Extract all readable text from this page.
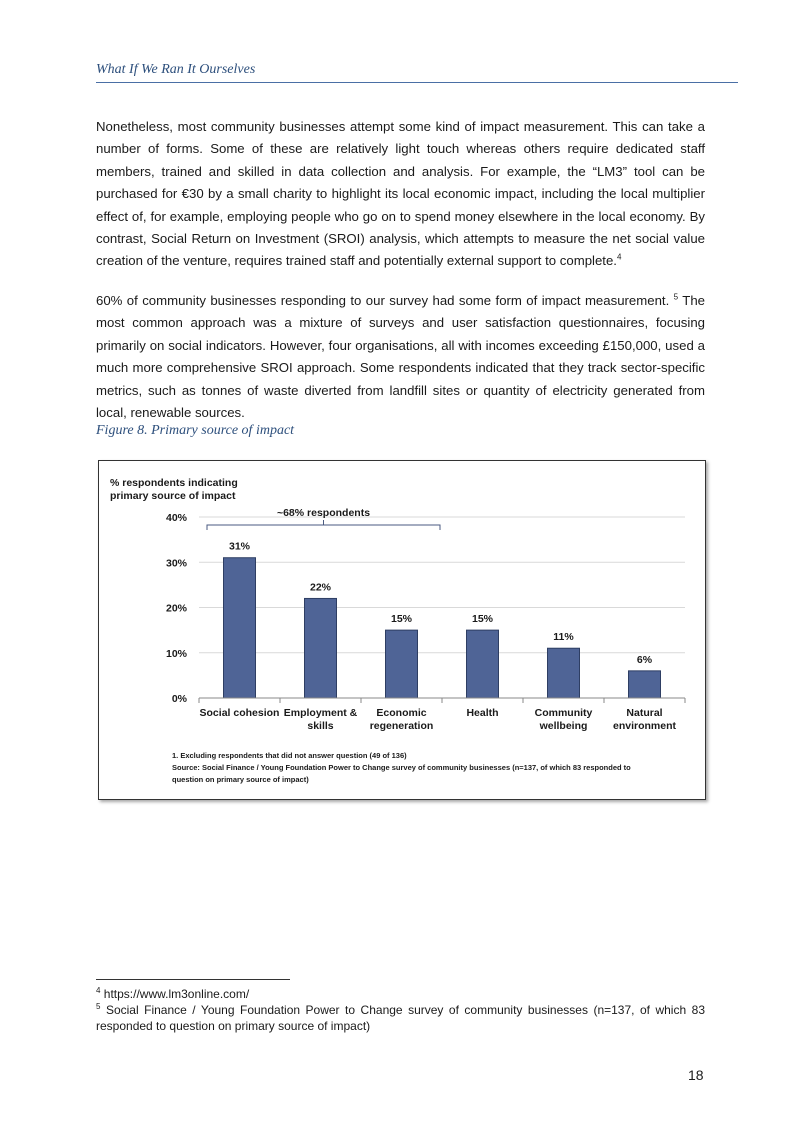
What If We Ran It Ourselves

Nonetheless, most community businesses attempt some kind of impact measurement. This can take a number of forms. Some of these are relatively light touch whereas others require dedicated staff members, trained and skilled in data collection and analysis. For example, the “LM3” tool can be purchased for €30 by a small charity to highlight its local economic impact, including the local multiplier effect of, for example, employing people who go on to spend money elsewhere in the local economy. By contrast, Social Return on Investment (SROI) analysis, which attempts to measure the net social value creation of the venture, requires trained staff and potentially external support to complete.$^4$

60% of community businesses responding to our survey had some form of impact measurement. $^5$ The most common approach was a mixture of surveys and user satisfaction questionnaires, focusing primarily on social indicators. However, four organisations, all with incomes exceeding £150,000, used a much more comprehensive SROI approach. Some respondents indicated that they track sector-specific metrics, such as tonnes of waste diverted from landfill sites or quantity of electricity generated from local, renewable sources.

Figure 8. Primary source of impact
% respondents indicating
primary source of impact
0%
10%
20%
30%
40%	~68% respondents
31%
22%
15%	15%
11%
6%
Social cohesion Employment &
skills
Economic
regeneration
Health	Community
wellbeing
Natural
environment
1. Excluding respondents that did not answer question (49 of 136)
Source: Social Finance / Young Foundation Power to Change survey of community businesses (n=137, of which 83 responded to
question on primary source of impact)

$^4$ https://www.lm3online.com/

$^5$ Social Finance / Young Foundation Power to Change survey of community businesses (n=137, of which 83 responded to question on primary source of impact)

18
